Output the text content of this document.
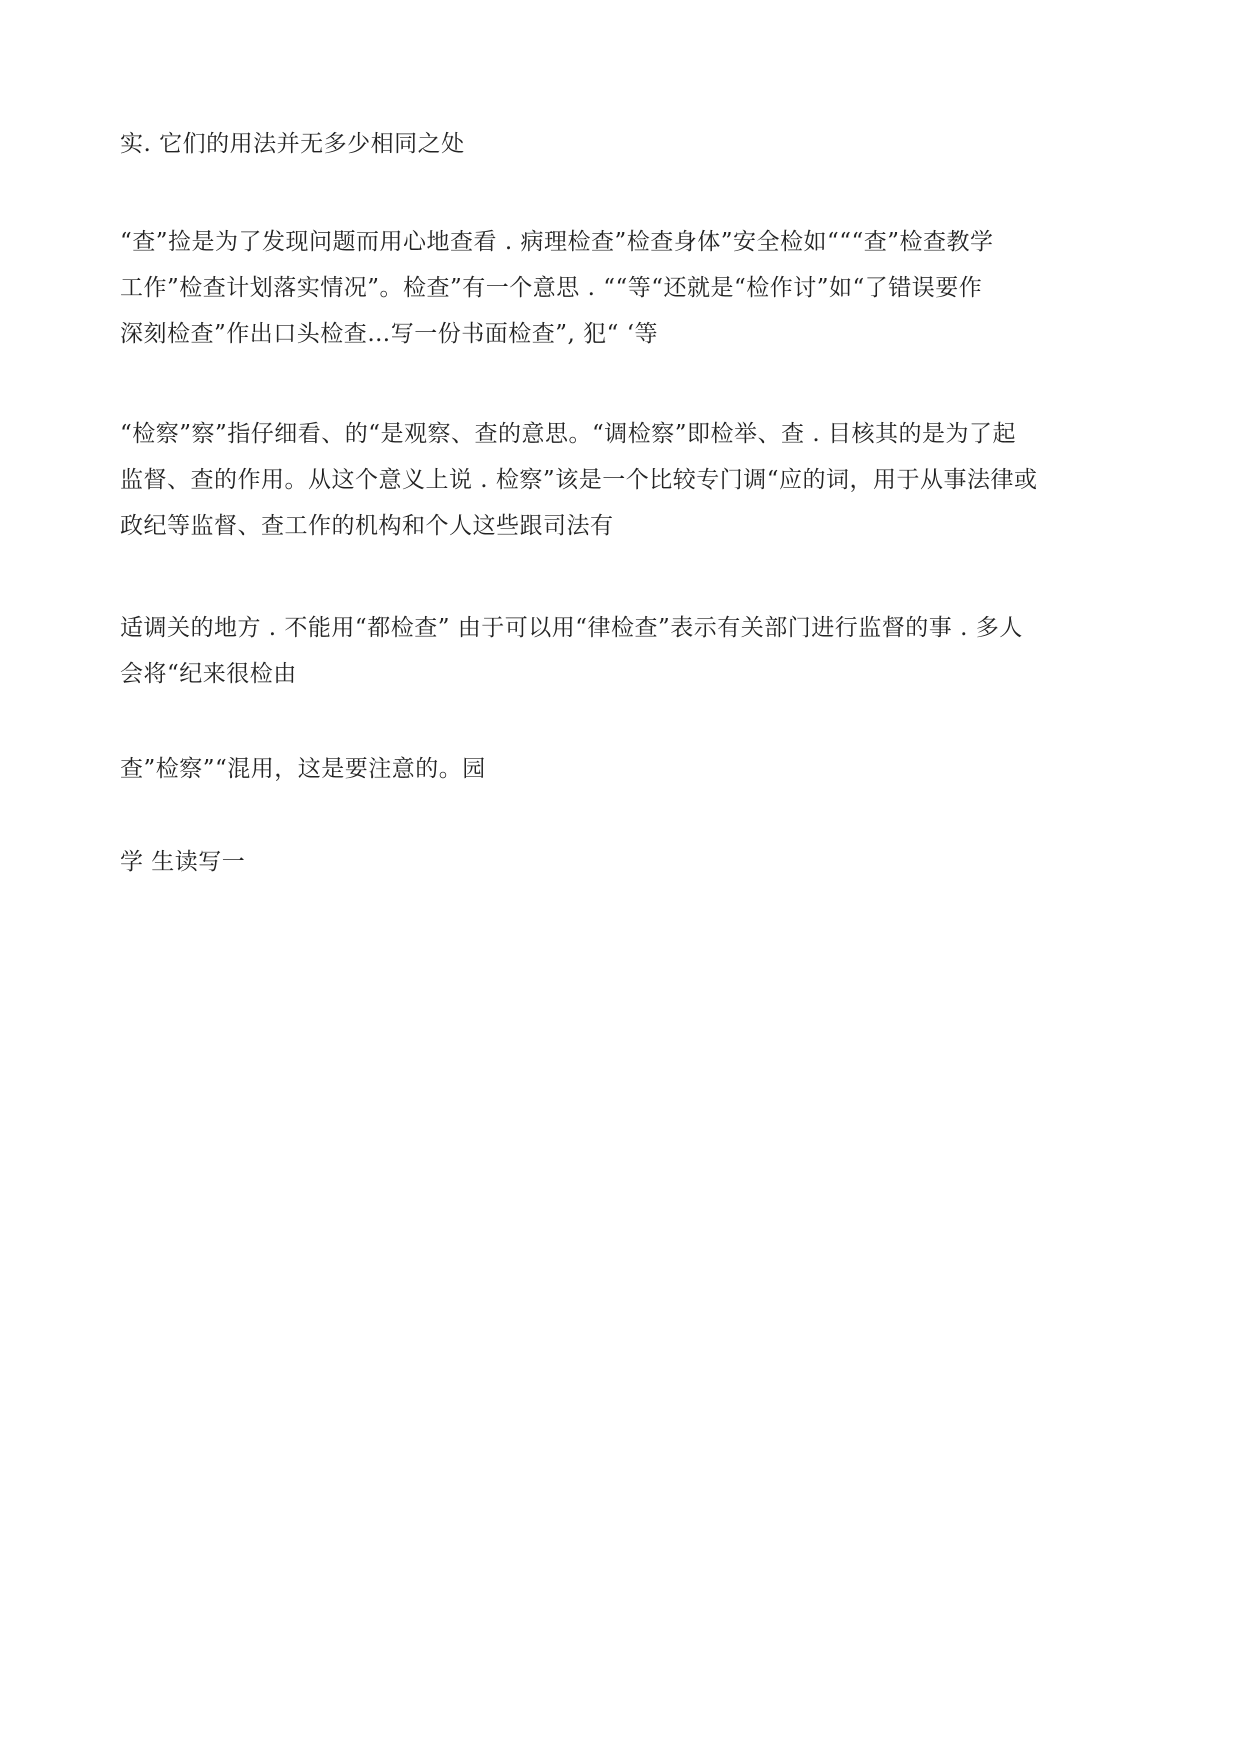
实. 它们的用法并无多少相同之处
“查”捡是为了发现问题而用心地查看 . 病理检查”检查身体”安全检如“““查”检查教学
工作”检查计划落实情况”。检查”有一个意思 . ““等“还就是“检作讨”如“了错误要作
深刻检查”作出口头检查…写一份书面检查”, 犯“ ‘等
“检察”察”指仔细看、的“是观察、查的意思。“调检察”即检举、查 . 目核其的是为了起
监督、查的作用。从这个意义上说 . 检察”该是一个比较专门调“应的词，用于从事法律或
政纪等监督、查工作的机构和个人这些跟司法有
适调关的地方 . 不能用“都检查” 由于可以用“律检查”表示有关部门进行监督的事 . 多人
会将“纪来很检由
查”检察”“混用，这是要注意的。园
学 生读写一
